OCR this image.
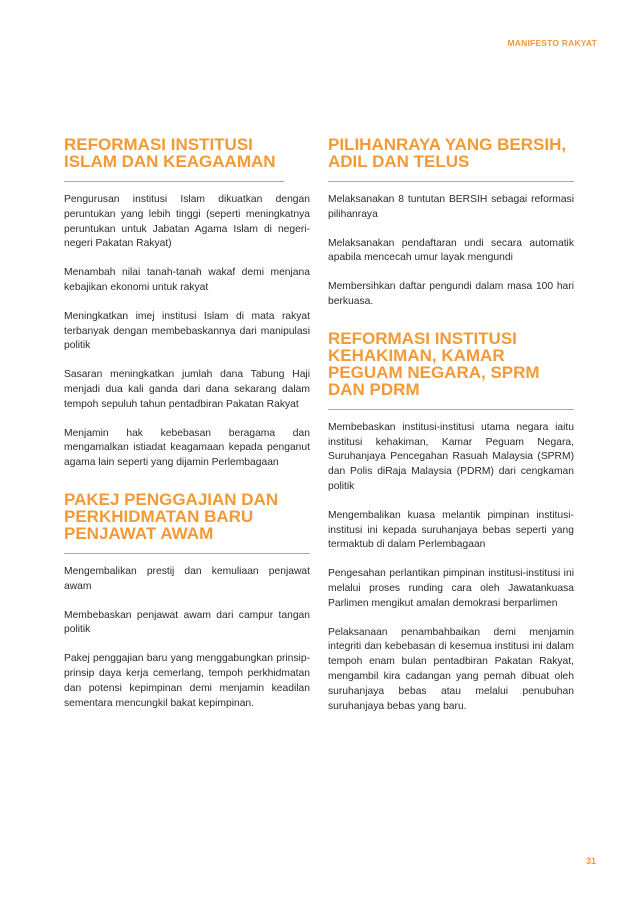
MANIFESTO RAKYAT
REFORMASI INSTITUSI ISLAM DAN KEAGAAMAN

Pengurusan institusi Islam dikuatkan dengan peruntukan yang lebih tinggi (seperti meningkatnya peruntukan untuk Jabatan Agama Islam di negeri-negeri Pakatan Rakyat)

Menambah nilai tanah-tanah wakaf demi menjana kebajikan ekonomi untuk rakyat

Meningkatkan imej institusi Islam di mata rakyat terbanyak dengan membebaskannya dari manipulasi politik

Sasaran meningkatkan jumlah dana Tabung Haji menjadi dua kali ganda dari dana sekarang dalam tempoh sepuluh tahun pentadbiran Pakatan Rakyat

Menjamin hak kebebasan beragama dan mengamalkan istiadat keagamaan kepada penganut agama lain seperti yang dijamin Perlembagaan

PAKEJ PENGGAJIAN DAN PERKHIDMATAN BARU PENJAWAT AWAM

Mengembalikan prestij dan kemuliaan penjawat awam

Membebaskan penjawat awam dari campur tangan politik

Pakej penggajian baru yang menggabungkan prinsip-prinsip daya kerja cemerlang, tempoh perkhidmatan dan potensi kepimpinan demi menjamin keadilan sementara mencungkil bakat kepimpinan.

PILIHANRAYA YANG BERSIH, ADIL DAN TELUS

Melaksanakan 8 tuntutan BERSIH sebagai reformasi pilihanraya

Melaksanakan pendaftaran undi secara automatik apabila mencecah umur layak mengundi

Membersihkan daftar pengundi dalam masa 100 hari berkuasa.

REFORMASI INSTITUSI KEHAKIMAN, KAMAR PEGUAM NEGARA, SPRM DAN PDRM

Membebaskan institusi-institusi utama negara iaitu institusi kehakiman, Kamar Peguam Negara, Suruhanjaya Pencegahan Rasuah Malaysia (SPRM) dan Polis diRaja Malaysia (PDRM) dari cengkaman politik

Mengembalikan kuasa melantik pimpinan institusi-institusi ini kepada suruhanjaya bebas seperti yang termaktub di dalam Perlembagaan

Pengesahan perlantikan pimpinan institusi-institusi ini melalui proses runding cara oleh Jawatankuasa Parlimen mengikut amalan demokrasi berparlimen

Pelaksanaan penambahbaikan demi menjamin integriti dan kebebasan di kesemua institusi ini dalam tempoh enam bulan pentadbiran Pakatan Rakyat, mengambil kira cadangan yang pernah dibuat oleh suruhanjaya bebas atau melalui penubuhan suruhanjaya bebas yang baru.

31
